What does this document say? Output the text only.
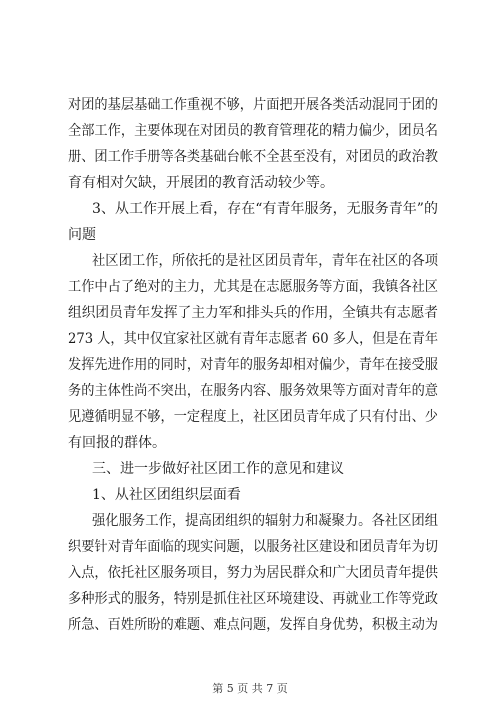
对团的基层基础工作重视不够，片面把开展各类活动混同于团的
全部工作，主要体现在对团员的教育管理花的精力偏少，团员名
册、团工作手册等各类基础台帐不全甚至没有，对团员的政治教
育有相对欠缺，开展团的教育活动较少等。
3、从工作开展上看，存在“有青年服务，无服务青年”的
问题
社区团工作，所依托的是社区团员青年，青年在社区的各项
工作中占了绝对的主力，尤其是在志愿服务等方面，我镇各社区
组织团员青年发挥了主力军和排头兵的作用，全镇共有志愿者
273 人，其中仅宜家社区就有青年志愿者 60 多人，但是在青年
发挥先进作用的同时，对青年的服务却相对偏少，青年在接受服
务的主体性尚不突出，在服务内容、服务效果等方面对青年的意
见遵循明显不够，一定程度上，社区团员青年成了只有付出、少
有回报的群体。
三、进一步做好社区团工作的意见和建议
1、从社区团组织层面看
强化服务工作，提高团组织的辐射力和凝聚力。各社区团组
织要针对青年面临的现实问题，以服务社区建设和团员青年为切
入点，依托社区服务项目，努力为居民群众和广大团员青年提供
多种形式的服务，特别是抓住社区环境建设、再就业工作等党政
所急、百姓所盼的难题、难点问题，发挥自身优势，积极主动为
第 5 页 共 7 页
